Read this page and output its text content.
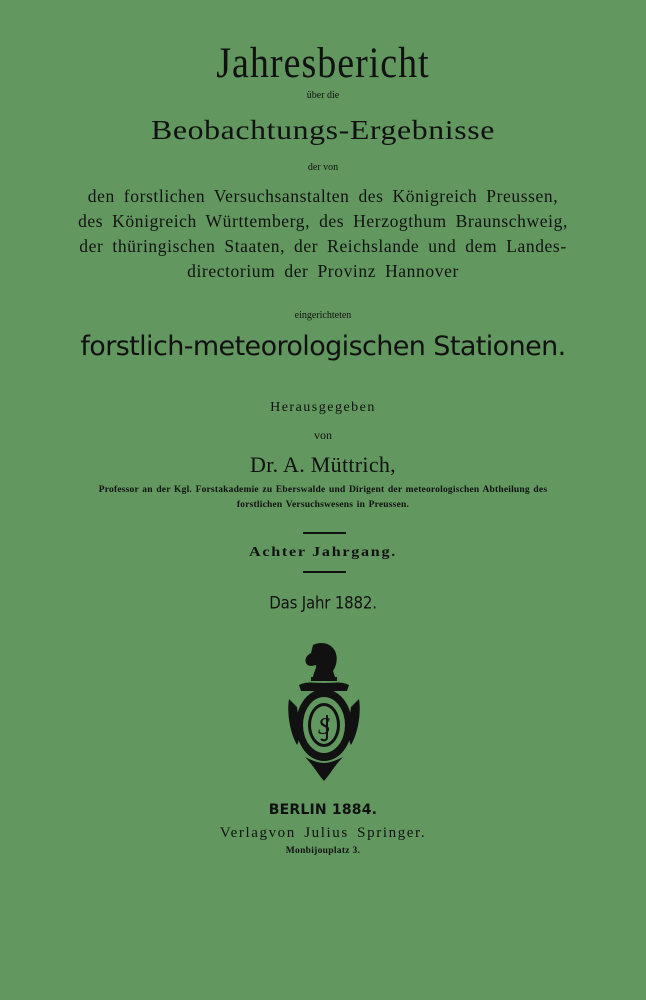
Jahresbericht
über die
Beobachtungs-Ergebnisse
der von
den forstlichen Versuchsanstalten des Königreich Preussen,
des Königreich Württemberg, des Herzogthum Braunschweig,
der thüringischen Staaten, der Reichslande und dem Landes-
directorium der Provinz Hannover
eingerichteten
forstlich-meteorologischen Stationen.
Herausgegeben
von
Dr. A. Müttrich,
Professor an der Kgl. Forstakademie zu Eberswalde und Dirigent der meteorologischen Abtheilung des
forstlichen Versuchswesens in Preussen.
Achter Jahrgang.
Das Jahr 1882.
S
BERLIN 1884.
Verlagvon Julius Springer.
Monbijouplatz 3.
